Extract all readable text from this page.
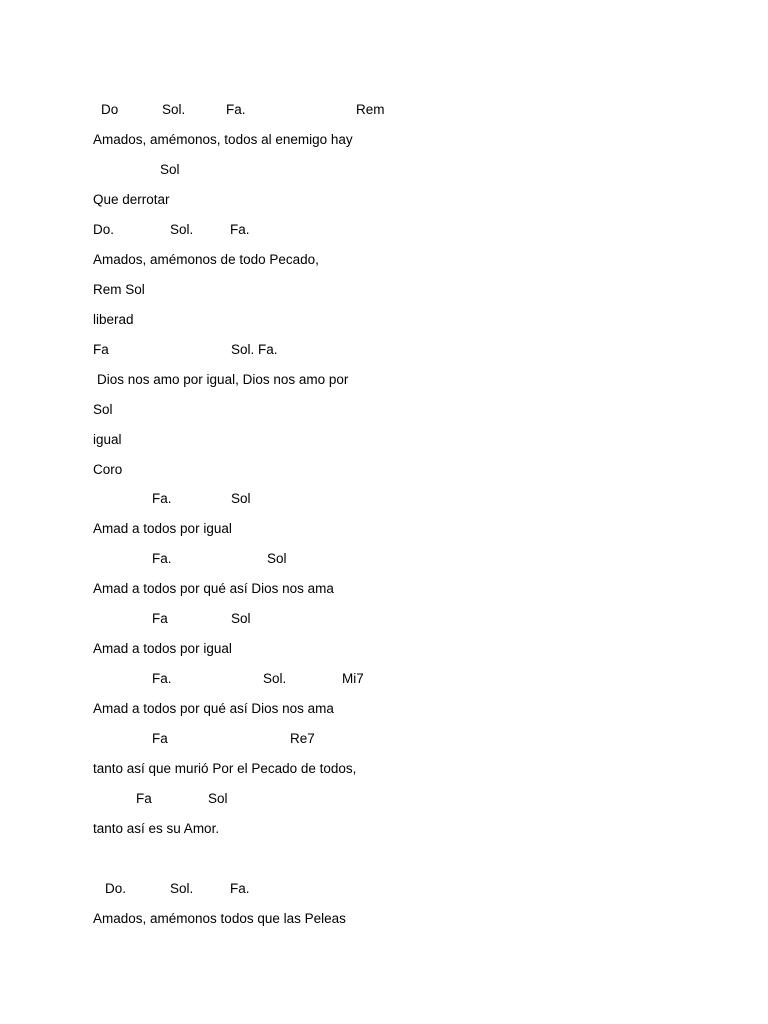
Do	Sol.	Fa.	Rem
Amados, amémonos, todos al enemigo hay
Sol
Que derrotar
Do.	Sol.	Fa.
Amados, amémonos de todo Pecado,
Rem Sol
liberad
Fa	Sol. Fa.
Dios nos amo por igual, Dios nos amo por
Sol
igual
Coro
Fa.	Sol
Amad a todos por igual
Fa.	Sol
Amad a todos por qué así Dios nos ama
Fa	Sol
Amad a todos por igual
Fa.	Sol.	Mi7
Amad a todos por qué así Dios nos ama
Fa	Re7
tanto así que murió Por el Pecado de todos,
Fa	Sol
tanto así es su Amor.
Do.	Sol.	Fa.
Amados, amémonos todos que las Peleas
